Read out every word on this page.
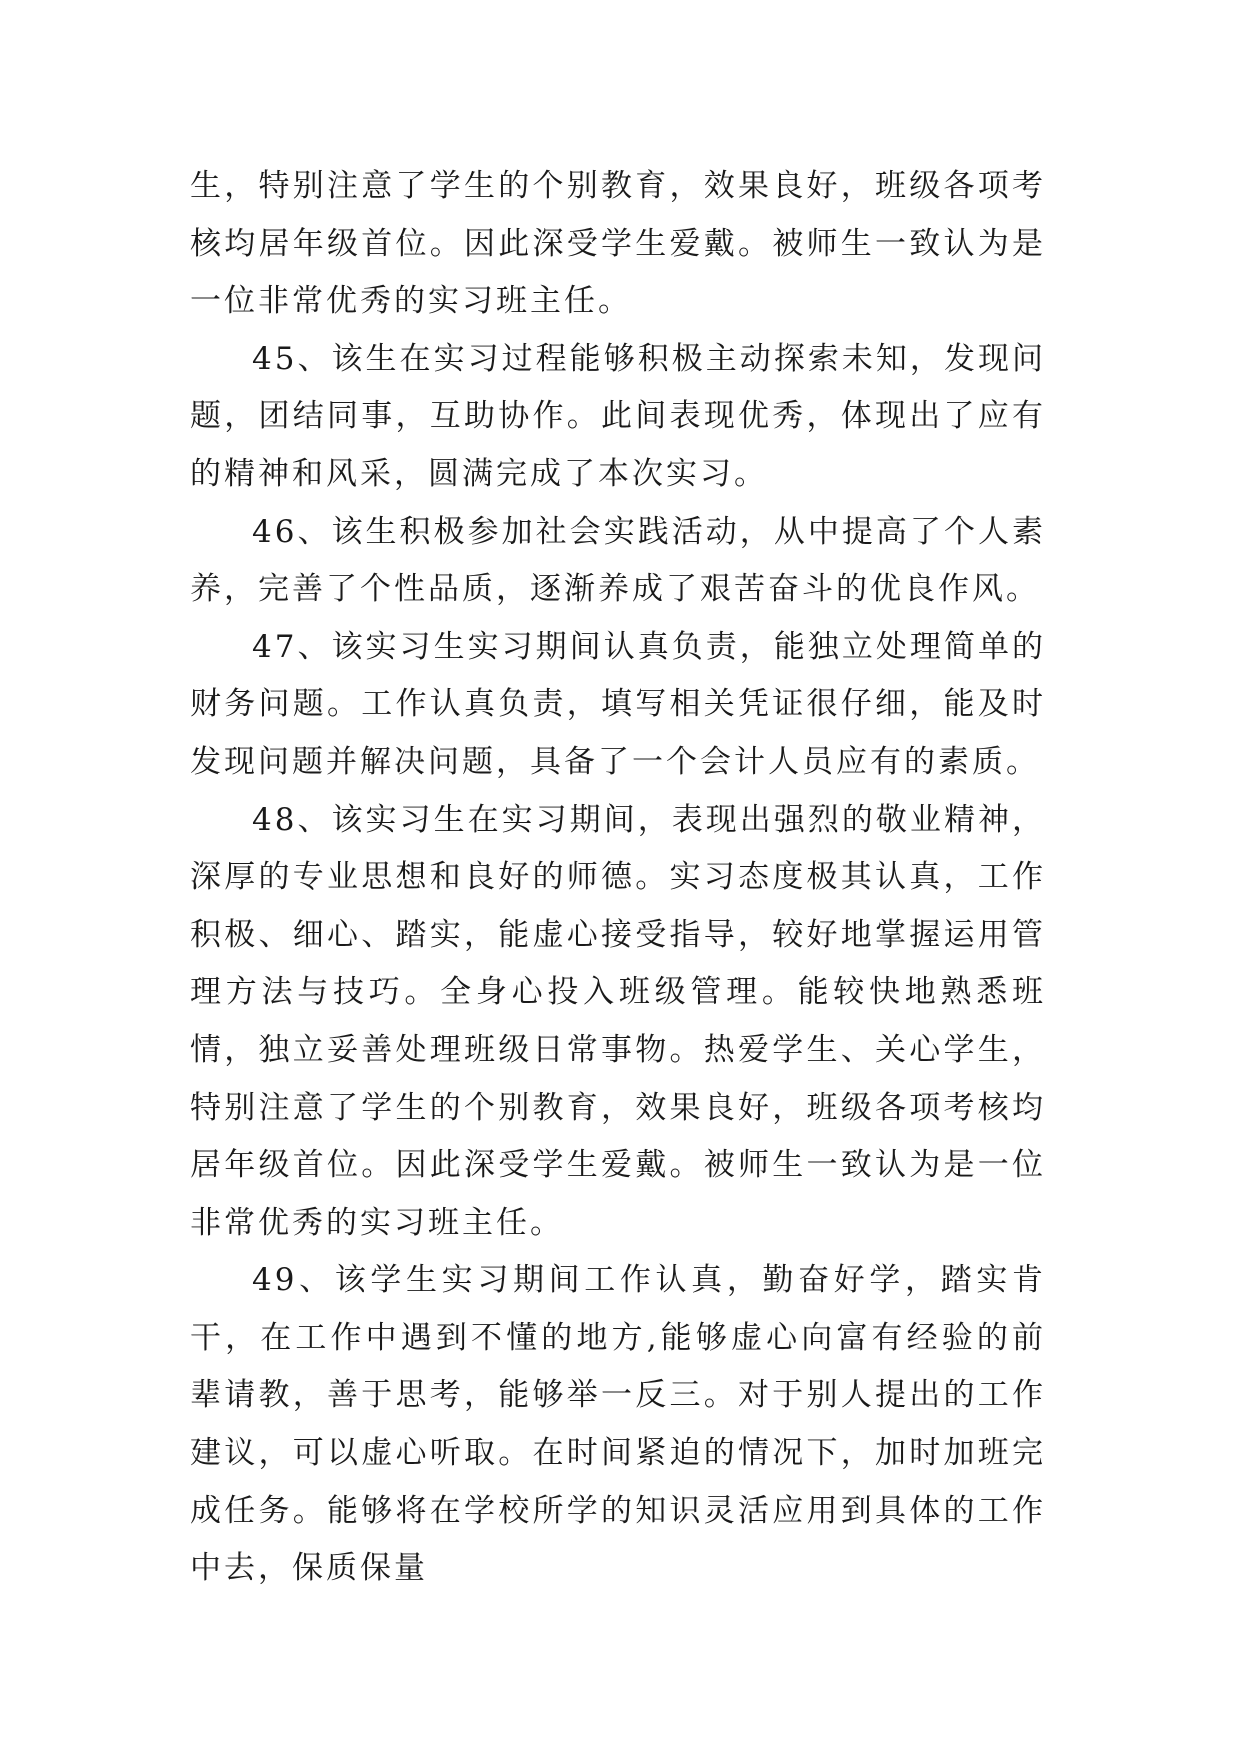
生，特别注意了学生的个别教育，效果良好，班级各项考核均居年级首位。因此深受学生爱戴。被师生一致认为是一位非常优秀的实习班主任。

45、该生在实习过程能够积极主动探索未知，发现问题，团结同事，互助协作。此间表现优秀，体现出了应有的精神和风采，圆满完成了本次实习。

46、该生积极参加社会实践活动，从中提高了个人素养，完善了个性品质，逐渐养成了艰苦奋斗的优良作风。

47、该实习生实习期间认真负责，能独立处理简单的财务问题。工作认真负责，填写相关凭证很仔细，能及时发现问题并解决问题，具备了一个会计人员应有的素质。

48、该实习生在实习期间，表现出强烈的敬业精神，深厚的专业思想和良好的师德。实习态度极其认真，工作积极、细心、踏实，能虚心接受指导，较好地掌握运用管理方法与技巧。全身心投入班级管理。能较快地熟悉班情，独立妥善处理班级日常事物。热爱学生、关心学生，特别注意了学生的个别教育，效果良好，班级各项考核均居年级首位。因此深受学生爱戴。被师生一致认为是一位非常优秀的实习班主任。

49、该学生实习期间工作认真，勤奋好学，踏实肯干，在工作中遇到不懂的地方,能够虚心向富有经验的前辈请教，善于思考，能够举一反三。对于别人提出的工作建议，可以虚心听取。在时间紧迫的情况下，加时加班完成任务。能够将在学校所学的知识灵活应用到具体的工作中去，保质保量
